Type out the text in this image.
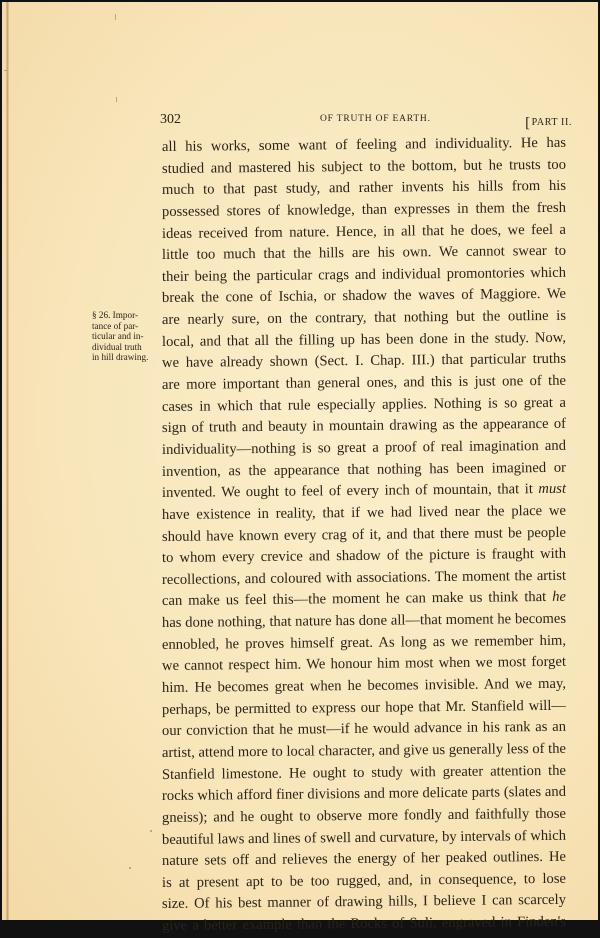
302	OF TRUTH OF EARTH.	[PART II.
§ 26. Impor-
tance of par-
ticular and in-
dividual truth
in hill drawing.
all his works, some want of feeling and individuality. He has
studied and mastered his subject to the bottom, but he trusts too
much to that past study, and rather invents his hills from his
possessed stores of knowledge, than expresses in them the fresh
ideas received from nature. Hence, in all that he does, we feel a
little too much that the hills are his own. We cannot swear to
their being the particular crags and individual promontories which
break the cone of Ischia, or shadow the waves of Maggiore. We
are nearly sure, on the contrary, that nothing but the outline is
local, and that all the filling up has been done in the study. Now,
we have already shown (Sect. I. Chap. III.) that particular truths
are more important than general ones, and this is just one of the
cases in which that rule especially applies. Nothing is so great a
sign of truth and beauty in mountain drawing as the appearance of
individuality—nothing is so great a proof of real imagination and
invention, as the appearance that nothing has been imagined or
invented. We ought to feel of every inch of mountain, that it must
have existence in reality, that if we had lived near the place we
should have known every crag of it, and that there must be people
to whom every crevice and shadow of the picture is fraught with
recollections, and coloured with associations. The moment the artist
can make us feel this—the moment he can make us think that he
has done nothing, that nature has done all—that moment he becomes
ennobled, he proves himself great. As long as we remember him,
we cannot respect him. We honour him most when we most forget
him. He becomes great when he becomes invisible. And we may,
perhaps, be permitted to express our hope that Mr. Stanfield will—
our conviction that he must—if he would advance in his rank as an
artist, attend more to local character, and give us generally less of the
Stanfield limestone. He ought to study with greater attention the
rocks which afford finer divisions and more delicate parts (slates and
gneiss); and he ought to observe more fondly and faithfully those
beautiful laws and lines of swell and curvature, by intervals of which
nature sets off and relieves the energy of her peaked outlines. He
is at present apt to be too rugged, and, in consequence, to lose
size. Of his best manner of drawing hills, I believe I can scarcely
give a better example than the Rocks of Suli, engraved in Finden's
